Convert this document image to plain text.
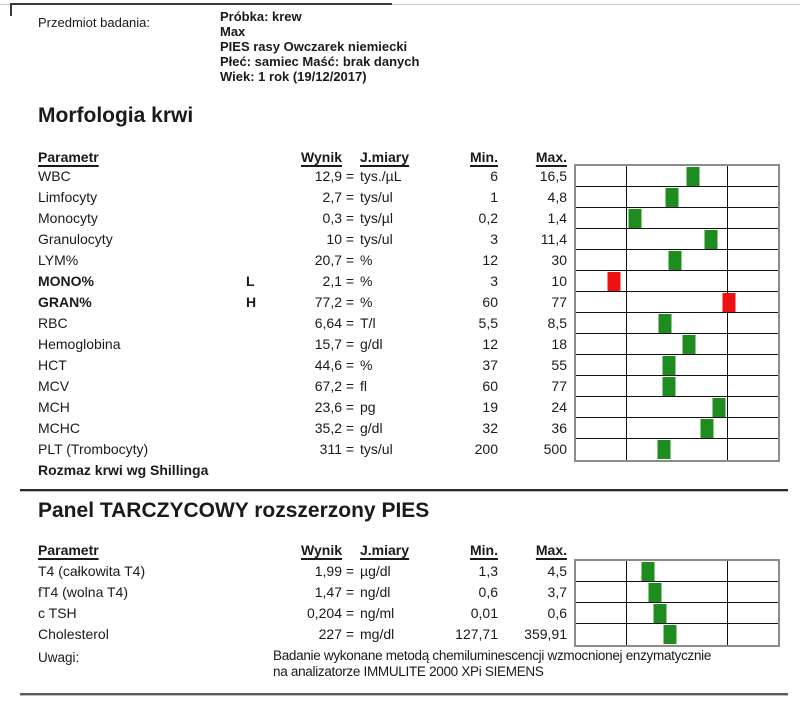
Przedmiot badania:	Próbka: krew
Max
PIES rasy Owczarek niemiecki
Płeć: samiec Maść: brak danych
Wiek: 1 rok (19/12/2017)
Morfologia krwi
Parametr	Wynik J.miary	Min.	Max.
WBC	12,9 = tys./µL	6	16,5
Limfocyty	2,7 = tys/ul	1	4,8
Monocyty	0,3 = tys/µl	0,2	1,4
Granulocyty	10 = tys/ul	3	11,4
LYM%	20,7 = %	12	30
MONO%	L	2,1 = %	3	10
GRAN%	H	77,2 = %	60	77
RBC	6,64 = T/l	5,5	8,5
Hemoglobina	15,7 = g/dl	12	18
HCT	44,6 = %	37	55
MCV	67,2 = fl	60	77
MCH	23,6 = pg	19	24
MCHC	35,2 = g/dl	32	36
PLT (Trombocyty)	311 = tys/ul	200	500
Rozmaz krwi wg Shillinga
Panel TARCZYCOWY rozszerzony PIES
Parametr	Wynik J.miary	Min.	Max.
T4 (całkowita T4)	1,99 = µg/dl	1,3	4,5
fT4 (wolna T4)	1,47 = ng/dl	0,6	3,7
c TSH	0,204 = ng/ml	0,01	0,6
Cholesterol	227 = mg/dl	127,71	359,91
Uwagi:	Badanie wykonane metodą chemiluminescencji wzmocnionej enzymatycznie
na analizatorze IMMULITE 2000 XPi SIEMENS
